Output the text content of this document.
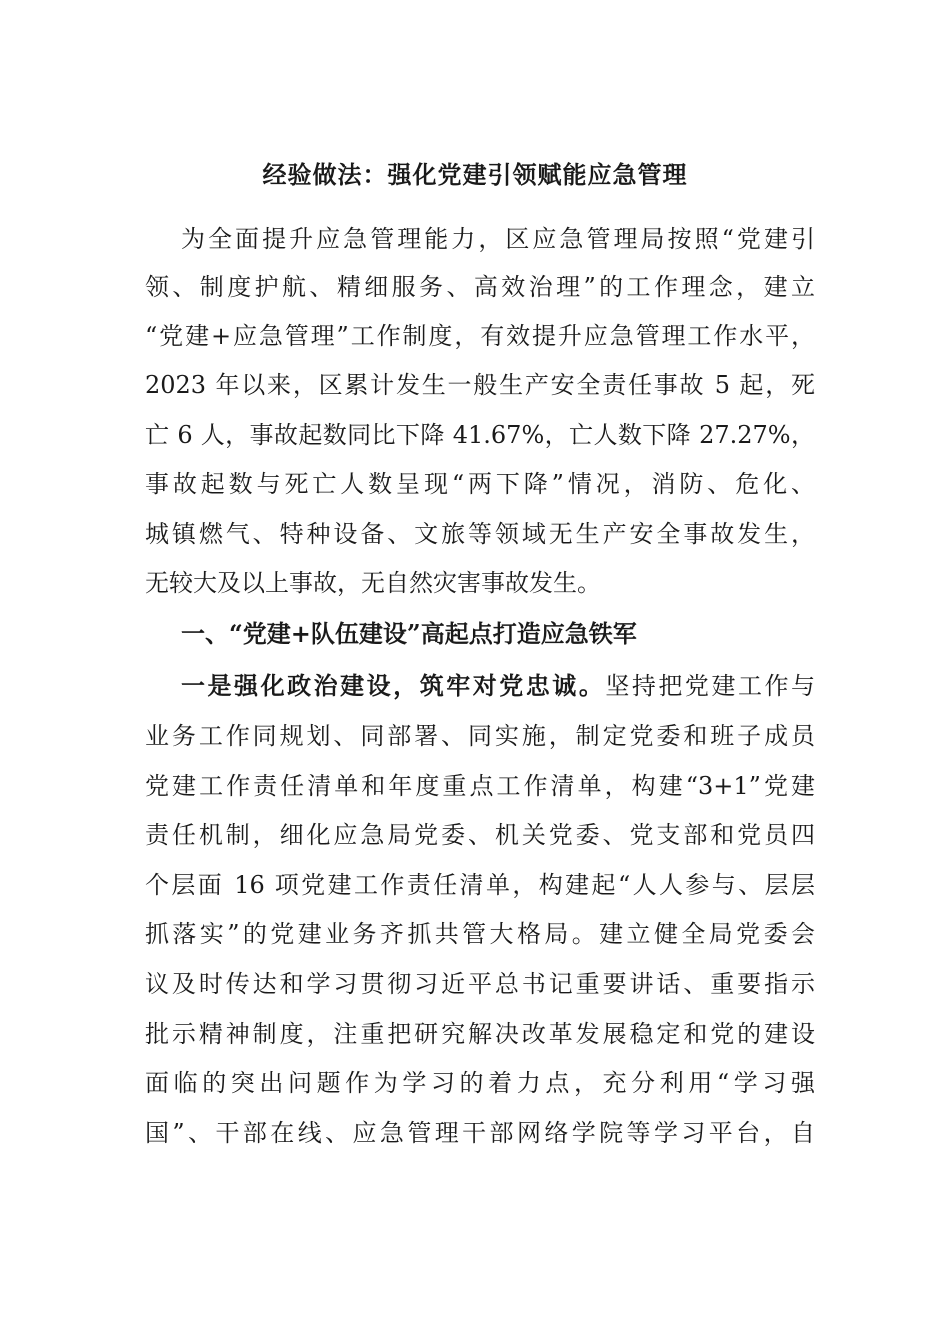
经验做法：强化党建引领赋能应急管理
为全面提升应急管理能力，区应急管理局按照“党建引
领、制度护航、精细服务、高效治理”的工作理念，建立
“党建+应急管理”工作制度，有效提升应急管理工作水平，
2023 年以来，区累计发生一般生产安全责任事故 5 起，死
亡 6 人，事故起数同比下降 41.67%，亡人数下降 27.27%，
事故起数与死亡人数呈现“两下降”情况，消防、危化、
城镇燃气、特种设备、文旅等领域无生产安全事故发生，
无较大及以上事故，无自然灾害事故发生。
一、“党建+队伍建设”高起点打造应急铁军
一是强化政治建设，筑牢对党忠诚。坚持把党建工作与
业务工作同规划、同部署、同实施，制定党委和班子成员
党建工作责任清单和年度重点工作清单，构建“3+1”党建
责任机制，细化应急局党委、机关党委、党支部和党员四
个层面 16 项党建工作责任清单，构建起“人人参与、层层
抓落实”的党建业务齐抓共管大格局。建立健全局党委会
议及时传达和学习贯彻习近平总书记重要讲话、重要指示
批示精神制度，注重把研究解决改革发展稳定和党的建设
面临的突出问题作为学习的着力点，充分利用“学习强
国”、干部在线、应急管理干部网络学院等学习平台，自
